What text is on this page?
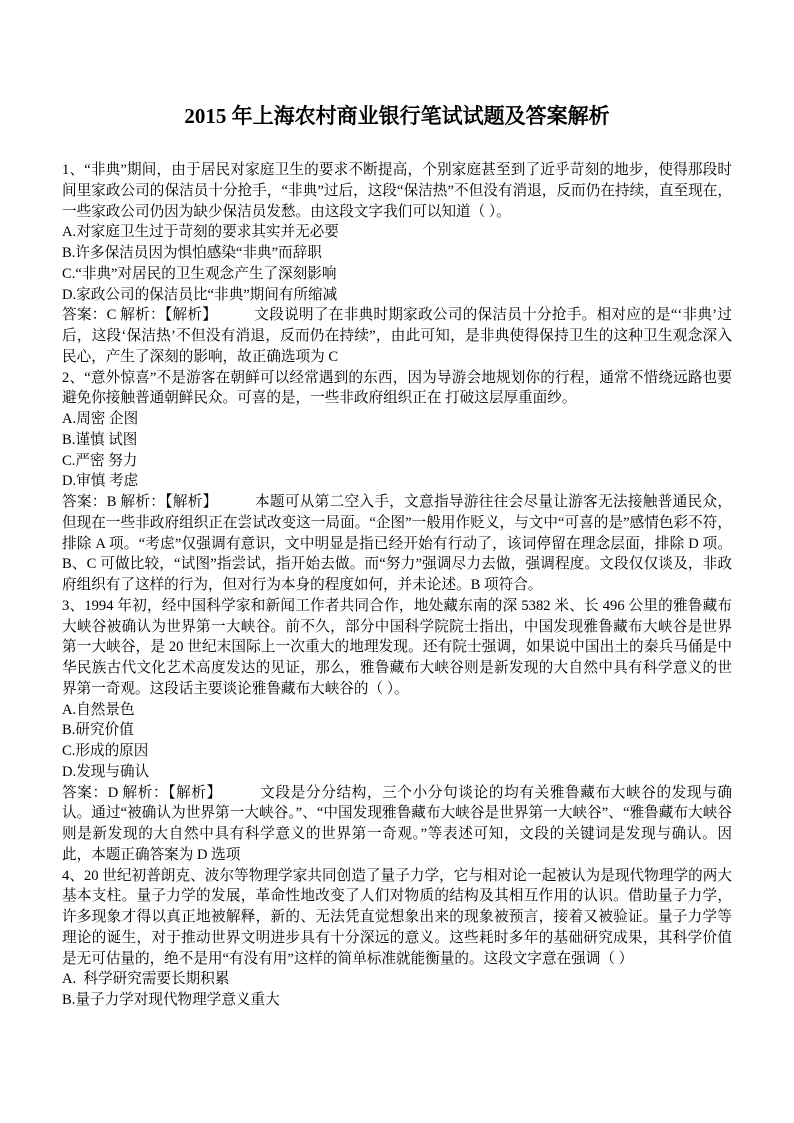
2015 年上海农村商业银行笔试试题及答案解析

1、“非典”期间，由于居民对家庭卫生的要求不断提高，个别家庭甚至到了近乎苛刻的地步，使得那段时间里家政公司的保洁员十分抢手，“非典”过后，这段“保洁热”不但没有消退，反而仍在持续，直至现在，一些家政公司仍因为缺少保洁员发愁。由这段文字我们可以知道（ ）。

A.对家庭卫生过于苛刻的要求其实并无必要

B.许多保洁员因为惧怕感染“非典”而辞职

C.“非典”对居民的卫生观念产生了深刻影响

D.家政公司的保洁员比“非典”期间有所缩减

答案：C 解析：【解析】　　　文段说明了在非典时期家政公司的保洁员十分抢手。相对应的是“‘非典’过后，这段‘保洁热’不但没有消退，反而仍在持续”，由此可知，是非典使得保持卫生的这种卫生观念深入民心，产生了深刻的影响，故正确选项为 C

2、“意外惊喜”不是游客在朝鲜可以经常遇到的东西，因为导游会地规划你的行程，通常不惜绕远路也要避免你接触普通朝鲜民众。可喜的是，一些非政府组织正在 打破这层厚重面纱。

A.周密 企图

B.谨慎 试图

C.严密 努力

D.审慎 考虑

答案：B 解析：【解析】　　　本题可从第二空入手，文意指导游往往会尽量让游客无法接触普通民众，但现在一些非政府组织正在尝试改变这一局面。“企图”一般用作贬义，与文中“可喜的是”感情色彩不符，排除 A 项。“考虑”仅强调有意识，文中明显是指已经开始有行动了，该词停留在理念层面，排除 D 项。B、C 可做比较，“试图”指尝试，指开始去做。而“努力”强调尽力去做，强调程度。文段仅仅谈及，非政府组织有了这样的行为，但对行为本身的程度如何，并未论述。B 项符合。

3、1994 年初，经中国科学家和新闻工作者共同合作，地处藏东南的深 5382 米、长 496 公里的雅鲁藏布大峡谷被确认为世界第一大峡谷。前不久，部分中国科学院院士指出，中国发现雅鲁藏布大峡谷是世界第一大峡谷，是 20 世纪末国际上一次重大的地理发现。还有院士强调，如果说中国出土的秦兵马俑是中华民族古代文化艺术高度发达的见证，那么，雅鲁藏布大峡谷则是新发现的大自然中具有科学意义的世界第一奇观。这段话主要谈论雅鲁藏布大峡谷的（ ）。

A.自然景色

B.研究价值

C.形成的原因

D.发现与确认

答案：D 解析：【解析】　　　文段是分分结构，三个小分句谈论的均有关雅鲁藏布大峡谷的发现与确认。通过“被确认为世界第一大峡谷。”、“中国发现雅鲁藏布大峡谷是世界第一大峡谷”、“雅鲁藏布大峡谷则是新发现的大自然中具有科学意义的世界第一奇观。”等表述可知，文段的关键词是发现与确认。因此，本题正确答案为 D 选项

4、20 世纪初普朗克、波尔等物理学家共同创造了量子力学，它与相对论一起被认为是现代物理学的两大基本支柱。量子力学的发展，革命性地改变了人们对物质的结构及其相互作用的认识。借助量子力学，许多现象才得以真正地被解释，新的、无法凭直觉想象出来的现象被预言，接着又被验证。量子力学等理论的诞生，对于推动世界文明进步具有十分深远的意义。这些耗时多年的基础研究成果，其科学价值是无可估量的，绝不是用“有没有用”这样的简单标准就能衡量的。这段文字意在强调（ ）

A.  科学研究需要长期积累

B.量子力学对现代物理学意义重大
